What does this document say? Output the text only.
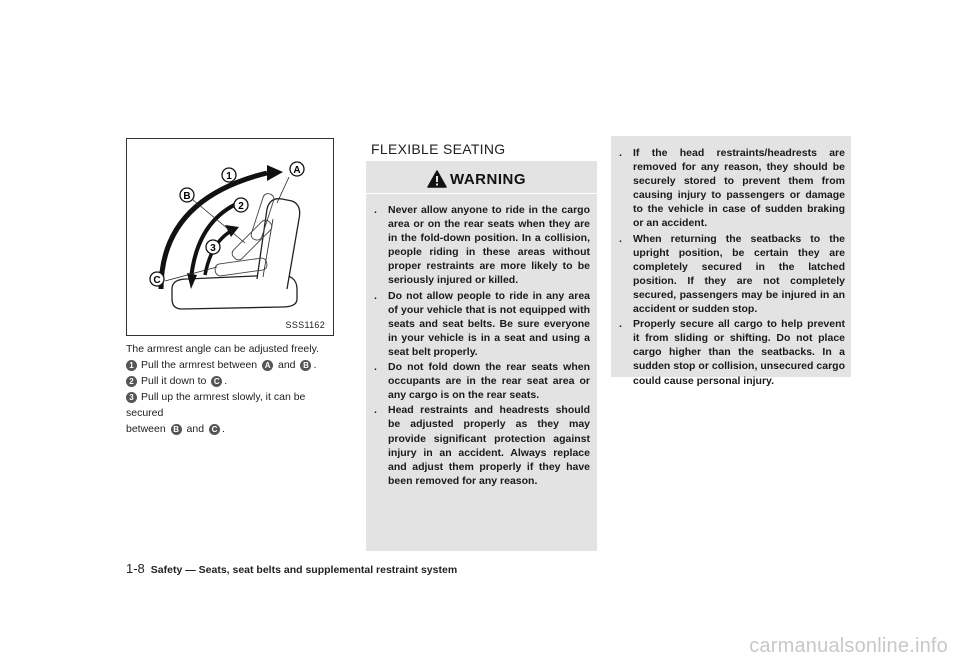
A
B
C
1
2
3
SSS1162

The armrest angle can be adjusted freely.

1 Pull the armrest between A and B .

2 Pull it down to C .

3 Pull up the armrest slowly, it can be secured
between B and C .

FLEXIBLE SEATING
WARNING
.	Never allow anyone to ride in the cargo area or on the rear seats when they are in the fold-down position. In a collision, people riding in these areas without proper restraints are more likely to be seriously injured or killed.
.	Do not allow people to ride in any area of your vehicle that is not equipped with seats and seat belts. Be sure everyone in your vehicle is in a seat and using a seat belt properly.
.	Do not fold down the rear seats when occupants are in the rear seat area or any cargo is on the rear seats.
.	Head restraints and headrests should be adjusted properly as they may provide significant protection against injury in an accident. Always replace and adjust them properly if they have been removed for any reason.
.	If the head restraints/headrests are removed for any reason, they should be securely stored to prevent them from causing injury to passengers or damage to the vehicle in case of sudden braking or an accident.
.	When returning the seatbacks to the upright position, be certain they are completely secured in the latched position. If they are not completely secured, passengers may be injured in an accident or sudden stop.
.	Properly secure all cargo to help prevent it from sliding or shifting. Do not place cargo higher than the seatbacks. In a sudden stop or collision, unsecured cargo could cause personal injury.
1-8 Safety — Seats, seat belts and supplemental restraint system
carmanualsonline.info
